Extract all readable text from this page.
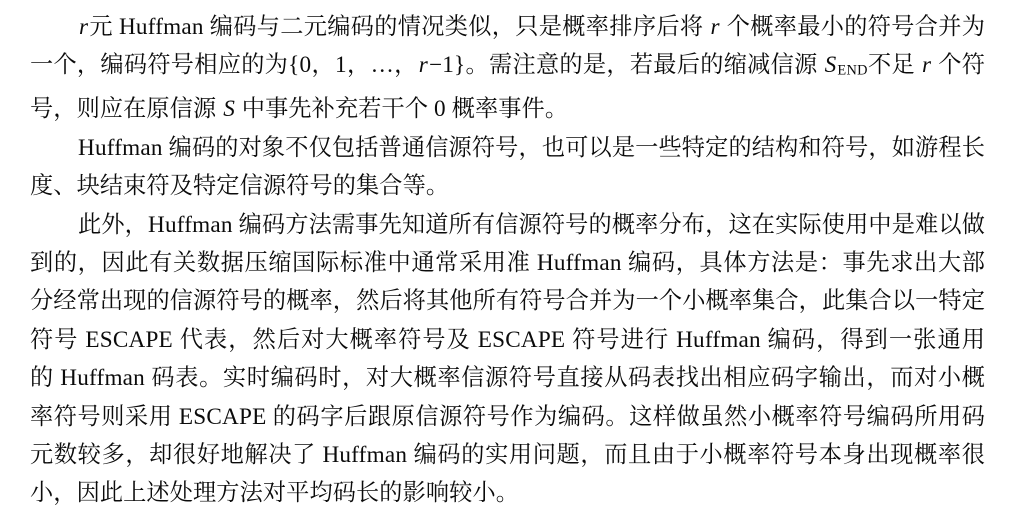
r元 Huffman 编码与二元编码的情况类似，只是概率排序后将 r 个概率最小的符号合并为一个，编码符号相应的为{0，1，…，r−1}。需注意的是，若最后的缩减信源 SEND不足 r 个符号，则应在原信源 S 中事先补充若干个 0 概率事件。

Huffman 编码的对象不仅包括普通信源符号，也可以是一些特定的结构和符号，如游程长度、块结束符及特定信源符号的集合等。

此外，Huffman 编码方法需事先知道所有信源符号的概率分布，这在实际使用中是难以做到的，因此有关数据压缩国际标准中通常采用准 Huffman 编码，具体方法是：事先求出大部分经常出现的信源符号的概率，然后将其他所有符号合并为一个小概率集合，此集合以一特定符号 ESCAPE 代表，然后对大概率符号及 ESCAPE 符号进行 Huffman 编码，得到一张通用的 Huffman 码表。实时编码时，对大概率信源符号直接从码表找出相应码字输出，而对小概率符号则采用 ESCAPE 的码字后跟原信源符号作为编码。这样做虽然小概率符号编码所用码元数较多，却很好地解决了 Huffman 编码的实用问题，而且由于小概率符号本身出现概率很小，因此上述处理方法对平均码长的影响较小。
